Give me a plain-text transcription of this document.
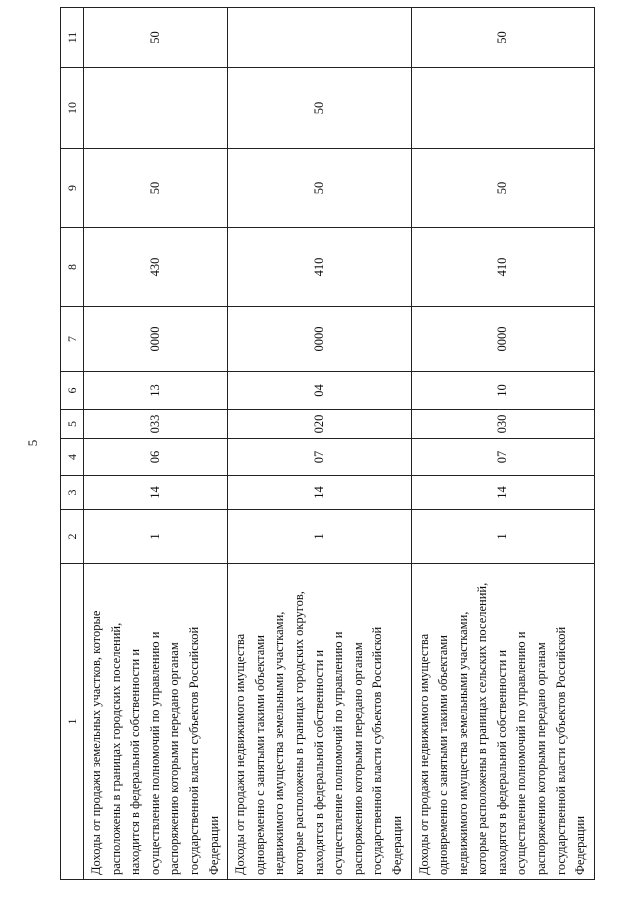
5
1	2	3	4	5	6	7	8	9	10	11
Доходы от продажи земельных участков, которые расположены в границах городских поселений, находится в федеральной собственности и осуществление полномочий по управлению и распоряжению которыми передано органам государственной власти субъектов Российской Федерации	1	14	06	033	13	0000	430	50		50
Доходы от продажи недвижимого имущества одновременно с занятыми такими объектами недвижимого имущества земельными участками, которые расположены в границах городских округов, находятся в федеральной собственности и осуществление полномочий по управлению и распоряжению которыми передано органам государственной власти субъектов Российской Федерации	1	14	07	020	04	0000	410	50	50	
Доходы от продажи недвижимого имущества одновременно с занятыми такими объектами недвижимого имущества земельными участками, которые расположены в границах сельских поселений, находятся в федеральной собственности и осуществление полномочий по управлению и распоряжению которыми передано органам государственной власти субъектов Российской Федерации	1	14	07	030	10	0000	410	50		50
